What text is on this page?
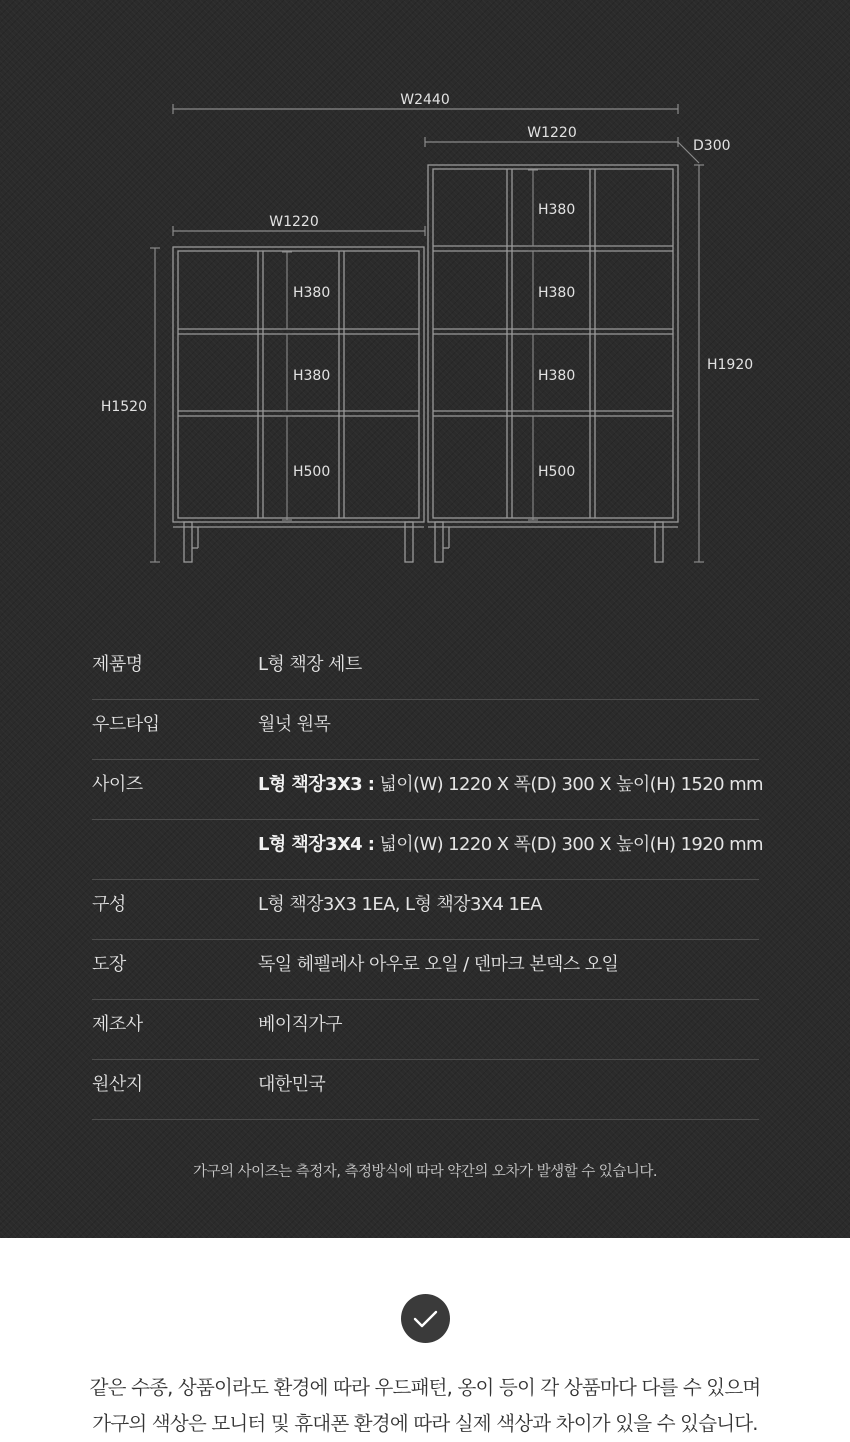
W2440
W1220
D300
W1220
H1520
H1920
H380
H380
H500
H380
H380
H380
H500
제품명	L형 책장 세트
우드타입	월넛 원목
사이즈	L형 책장3X3 : 넓이(W) 1220 X 폭(D) 300 X 높이(H) 1520 mm
L형 책장3X4 : 넓이(W) 1220 X 폭(D) 300 X 높이(H) 1920 mm
구성	L형 책장3X3 1EA, L형 책장3X4 1EA
도장	독일 헤펠레사 아우로 오일 / 덴마크 본덱스 오일
제조사	베이직가구
원산지	대한민국
가구의 사이즈는 측정자, 측정방식에 따라 약간의 오차가 발생할 수 있습니다.
같은 수종, 상품이라도 환경에 따라 우드패턴, 옹이 등이 각 상품마다 다를 수 있으며
가구의 색상은 모니터 및 휴대폰 환경에 따라 실제 색상과 차이가 있을 수 있습니다.
